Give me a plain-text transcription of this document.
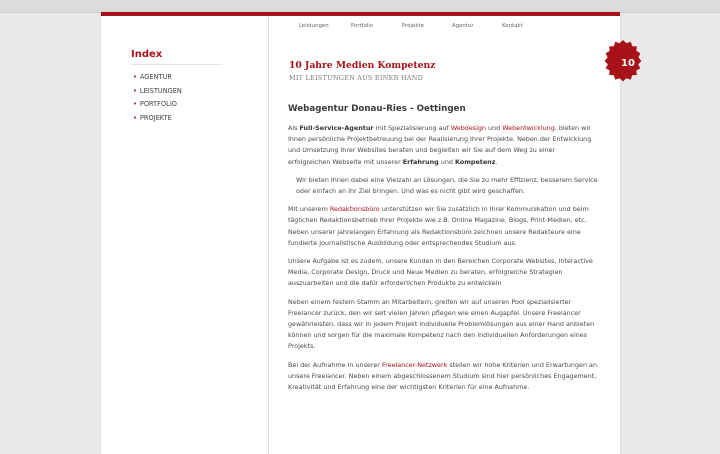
Index
• AGENTUR
• LEISTUNGEN
• PORTFOLIO
• PROJEKTE
Leistungen	Portfolio	Projekte	Agentur	Kontakt
10
10 Jahre Medien Kompetenz
MIT LEISTUNGEN AUS EINER HAND
Webagentur Donau-Ries - Oettingen

Als Full-Service-Agentur mit Spezialisierung auf Webdesign und Webentwicklung, bieten wir Ihnen persönliche Projektbetreuung bei der Realisierung Ihrer Projekte. Neben der Entwicklung und Umsetzung Ihrer Websites beraten und begleiten wir Sie auf dem Weg zu einer erfolgreichen Webseite mit unserer Erfahrung und Kompetenz.

Wir bieten Ihnen dabei eine Vielzahl an Lösungen, die Sie zu mehr Effizienz, besserem Service oder einfach an Ihr Ziel bringen. Und was es nicht gibt wird geschaffen.

Mit unserem Redaktionsbüro unterstützen wir Sie zusätzlich in Ihrer Kommunikation und beim täglichen Redaktionsbetrieb Ihrer Projekte wie z.B. Online Magazine, Blogs, Print-Medien, etc. Neben unserer jahrelangen Erfahrung als Redaktionsbüro zeichnen unsere Redakteure eine fundierte journalistische Ausbildung oder entsprechendes Studium aus.

Unsere Aufgabe ist es zudem, unsere Kunden in den Bereichen Corporate Websites, Interactive Media, Corporate Design, Druck und Neue Medien zu beraten, erfolgreiche Strategien auszuarbeiten und die dafür erforderlichen Produkte zu entwickeln

Neben einem festem Stamm an Mitarbeitern, greifen wir auf unseren Pool spezialisierter Freelancer zurück, den wir seit vielen Jahren pflegen wie einen Augapfel. Unsere Freelancer gewährleisten, dass wir in jedem Projekt individuelle Problemlösungen aus einer Hand anbieten können und sorgen für die maximale Kompetenz nach den individuellen Anforderungen eines Projekts.

Bei der Aufnahme in unserer Freelancer-Netzwerk stellen wir hohe Kriterien und Erwartungen an unsere Freelancer. Neben einem abgeschlossenem Studium sind hier persönliches Engagement, Kreativität und Erfahrung eine der wichtigsten Kriterien für eine Aufnahme.
